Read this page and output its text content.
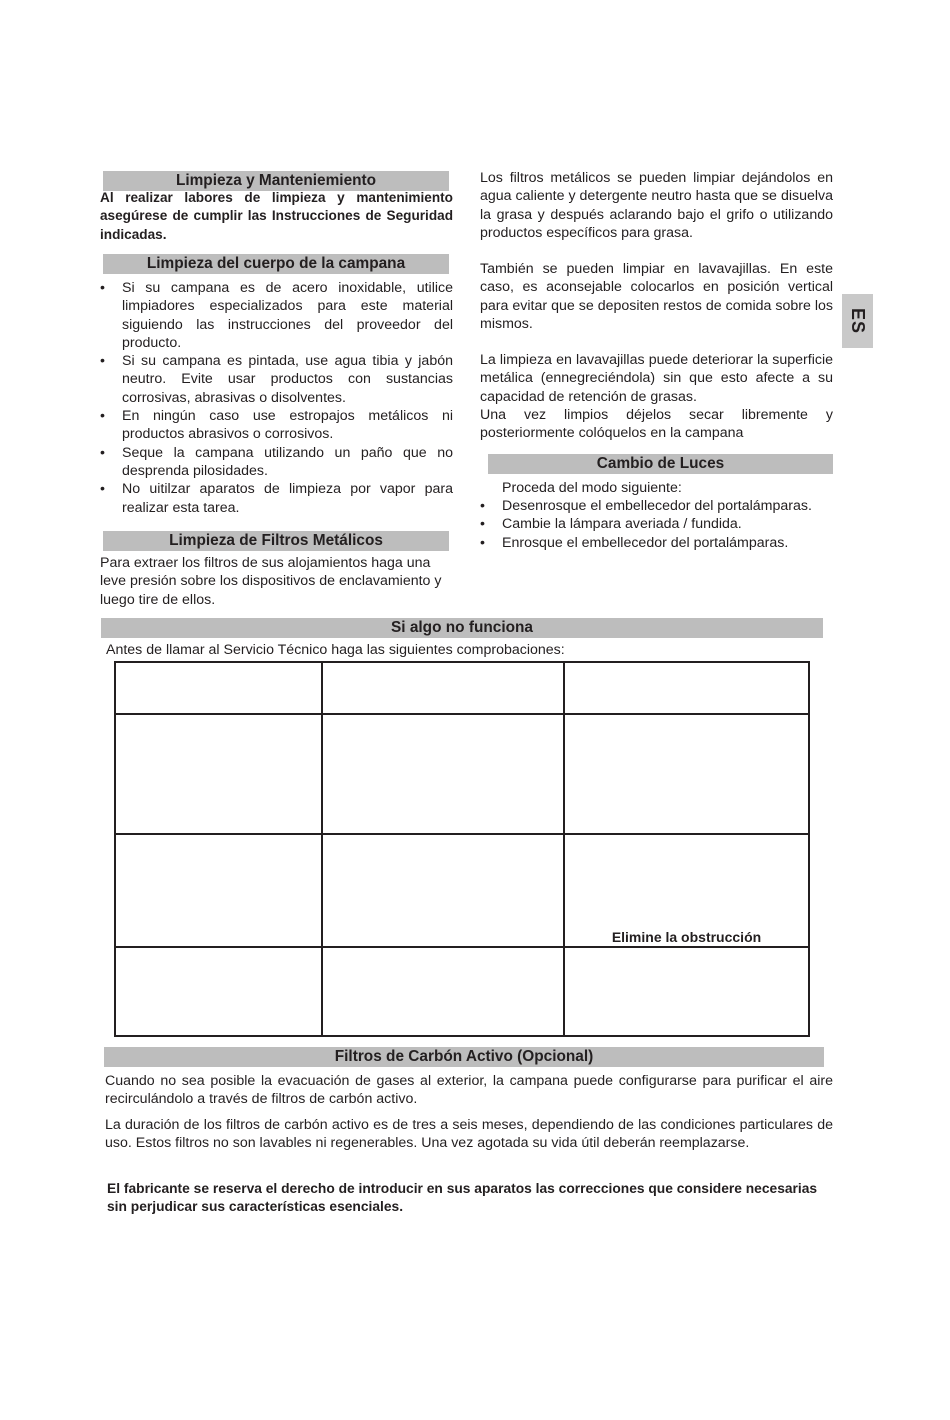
Limpieza y Manteniemiento

Al realizar labores de limpieza y mantenimiento asegúrese de cumplir las Instrucciones de Seguridad indicadas.

Limpieza del cuerpo de la campana
• Si su campana es de acero inoxidable, utilice limpiadores especializados para este material siguiendo las instrucciones del proveedor del producto.
• Si su campana es pintada, use agua tibia y jabón neutro. Evite usar productos con sustancias corrosivas, abrasivas o disolventes.
• En ningún caso use estropajos metálicos ni productos abrasivos o corrosivos.
• Seque la campana utilizando un paño que no desprenda pilosidades.
• No uitilzar aparatos de limpieza por vapor para realizar esta tarea.
Limpieza de Filtros Metálicos

Para extraer los filtros de sus alojamientos haga una leve presión sobre los dispositivos de enclavamiento y luego tire de ellos.

Los filtros metálicos se pueden limpiar dejándolos en agua caliente y detergente neutro hasta que se disuelva la grasa y después aclarando bajo el grifo o utilizando productos específicos para grasa.

También se pueden limpiar en lavavajillas. En este caso, es aconsejable colocarlos en posición vertical para evitar que se depositen restos de comida sobre los mismos.

La limpieza en lavavajillas puede deteriorar la superficie metálica (ennegreciéndola) sin que esto afecte a su capacidad de retención de grasas.

Una vez limpios déjelos secar libremente y posteriormente colóquelos en la campana

Cambio de Luces

Proceda del modo siguiente:

• Desenrosque el embellecedor del portalámparas.
• Cambie la lámpara averiada / fundida.
• Enrosque el embellecedor del portalámparas.
ES
Si algo no funciona

Antes de llamar al Servicio Técnico haga las siguientes comprobaciones:

		Elimine la obstrucción

Filtros de Carbón Activo (Opcional)

Cuando no sea posible la evacuación de gases al exterior, la campana puede configurarse para purificar el aire recirculándolo a través de filtros de carbón activo.

La duración de los filtros de carbón activo es de tres a seis meses, dependiendo de las condiciones particulares de uso. Estos filtros no son lavables ni regenerables. Una vez agotada su vida útil deberán reemplazarse.

El fabricante se reserva el derecho de introducir en sus aparatos las correcciones que considere necesarias sin perjudicar sus características esenciales.
